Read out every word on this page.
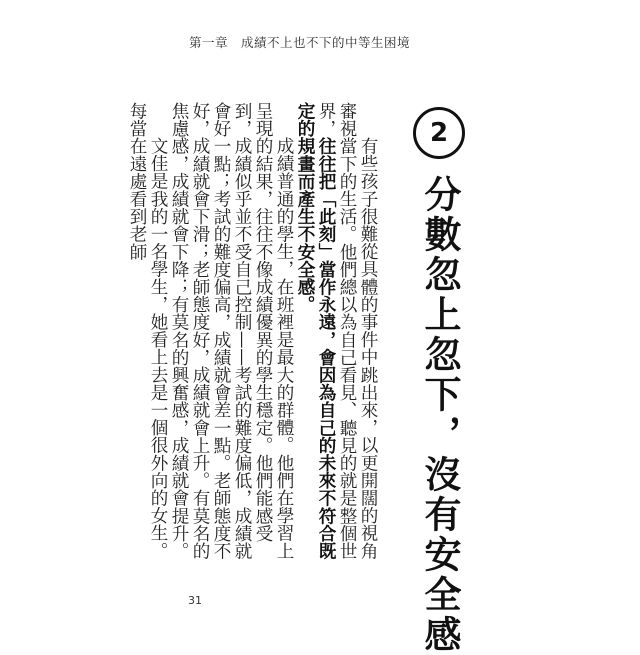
第一章　成績不上也不下的中等生困境
2
分數忽上忽下，沒有安全感

有些孩子很難從具體的事件中跳出來，以更開闊的視角審視當下的生活。他們總以為自己看見、聽見的就是整個世界，往往把「此刻」當作永遠，會因為自己的未來不符合既定的規畫而產生不安全感。

成績普通的學生，在班裡是最大的群體。他們在學習上呈現的結果，往往不像成績優異的學生穩定。他們能感受到，成績似乎並不受自己控制——考試的難度偏低，成績就會好一點；考試的難度偏高，成績就會差一點。老師態度不好，成績就會下滑；老師態度好，成績就會上升。有莫名的焦慮感，成績就會下降；有莫名的興奮感，成績就會提升。

文佳是我的一名學生，她看上去是一個很外向的女生。每當在遠處看到老師

31
